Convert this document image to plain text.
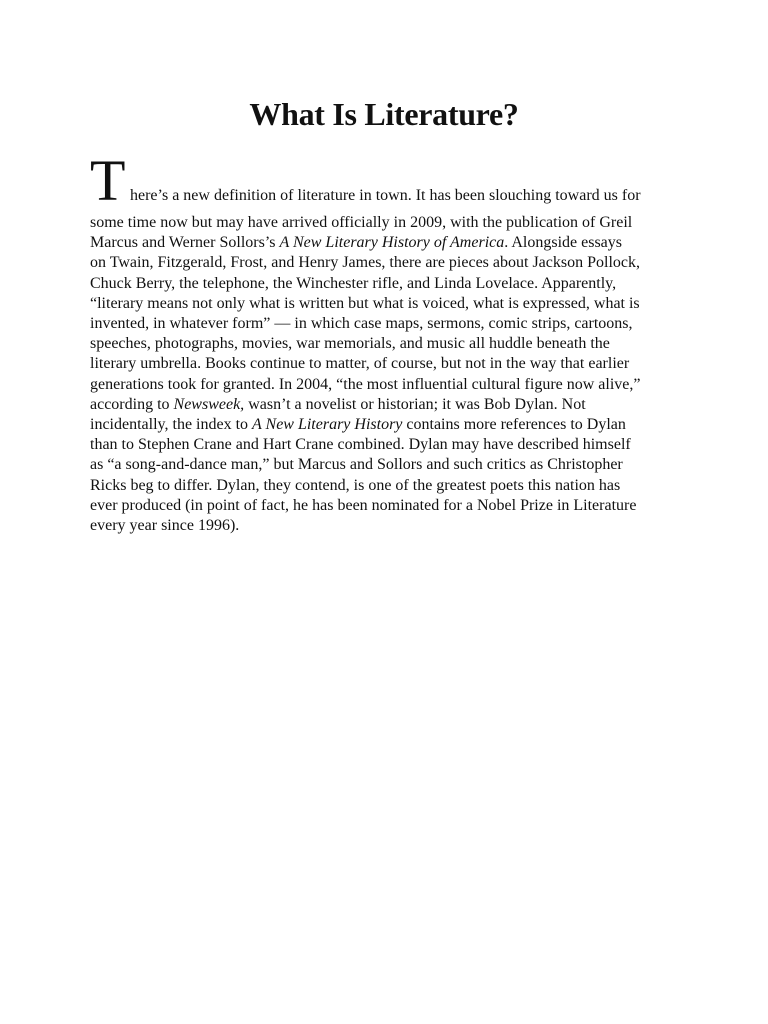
What Is Literature?
T here’s a new definition of literature in town. It has been slouching toward us for
some time now but may have arrived officially in 2009, with the publication of Greil
Marcus and Werner Sollors’s A New Literary History of America. Alongside essays
on Twain, Fitzgerald, Frost, and Henry James, there are pieces about Jackson Pollock,
Chuck Berry, the telephone, the Winchester rifle, and Linda Lovelace. Apparently,
“literary means not only what is written but what is voiced, what is expressed, what is
invented, in whatever form” — in which case maps, sermons, comic strips, cartoons,
speeches, photographs, movies, war memorials, and music all huddle beneath the
literary umbrella. Books continue to matter, of course, but not in the way that earlier
generations took for granted. In 2004, “the most influential cultural figure now alive,”
according to Newsweek, wasn’t a novelist or historian; it was Bob Dylan. Not
incidentally, the index to A New Literary History contains more references to Dylan
than to Stephen Crane and Hart Crane combined. Dylan may have described himself
as “a song-and-dance man,” but Marcus and Sollors and such critics as Christopher
Ricks beg to differ. Dylan, they contend, is one of the greatest poets this nation has
ever produced (in point of fact, he has been nominated for a Nobel Prize in Literature
every year since 1996).
